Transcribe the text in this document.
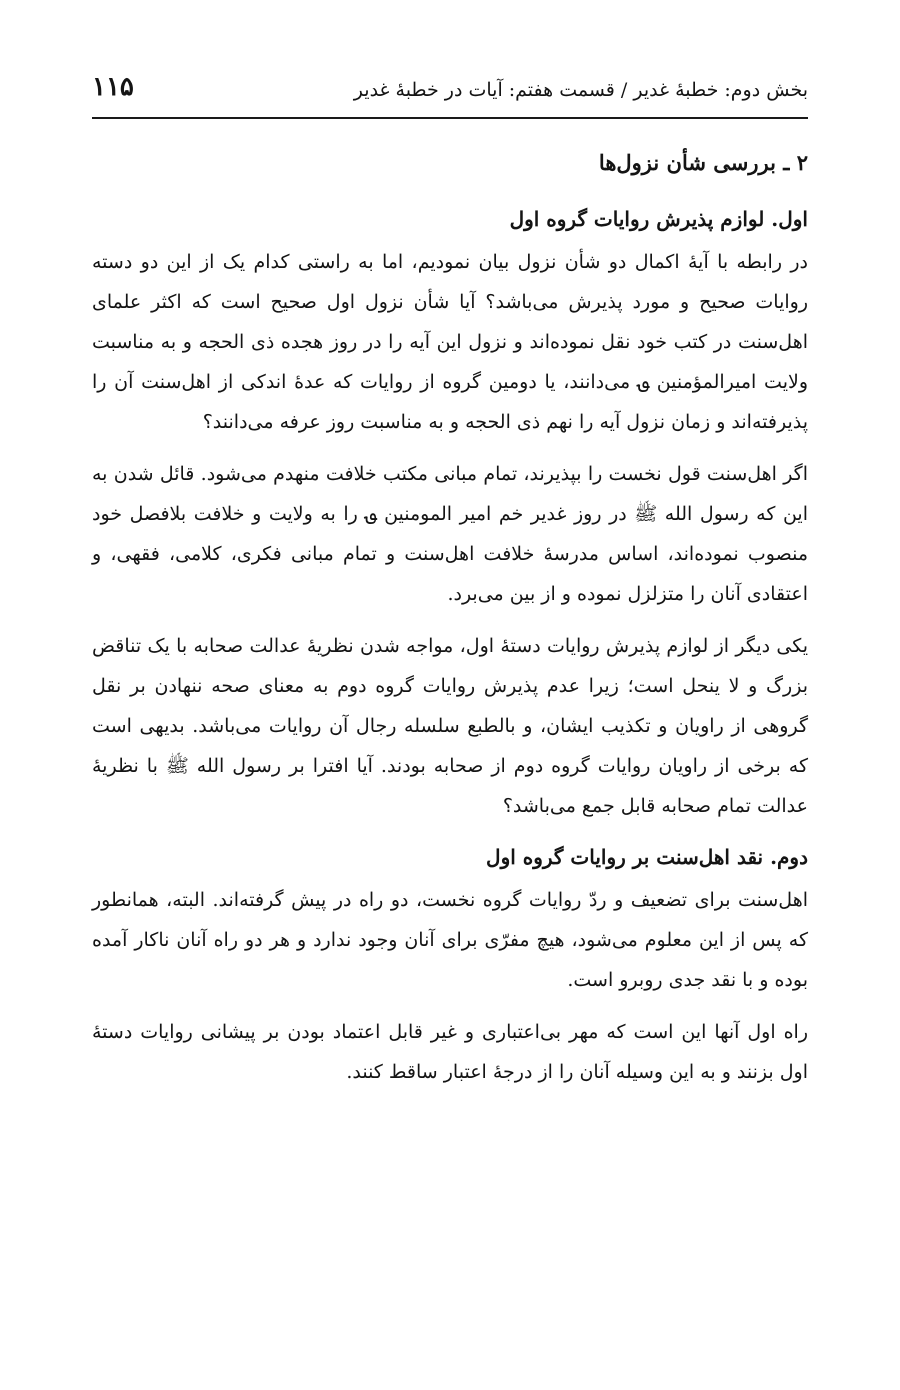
بخش دوم: خطبهٔ غدیر / قسمت هفتم: آیات در خطبهٔ غدیر
۱۱۵
۲ ـ بررسی شأن نزول‌ها
اول. لوازم پذیرش روایات گروه اول

در رابطه با آیهٔ اکمال دو شأن نزول بیان نمودیم، اما به راستی کدام یک از این دو دسته روایات صحیح و مورد پذیرش می‌باشد؟ آیا شأن نزول اول صحیح است که اکثر علمای اهل‌سنت در کتب خود نقل نموده‌اند و نزول این آیه را در روز هجده ذی الحجه و به مناسبت ولایت امیرالمؤمنین ؈ می‌دانند، یا دومین گروه از روایات که عدهٔ اندکی از اهل‌سنت آن را پذیرفته‌اند و زمان نزول آیه را نهم ذی الحجه و به مناسبت روز عرفه می‌دانند؟

اگر اهل‌سنت قول نخست را بپذیرند، تمام مبانی مکتب خلافت منهدم می‌شود. قائل شدن به این که رسول الله ﷺ در روز غدیر خم امیر المومنین ؈ را به ولایت و خلافت بلافصل خود منصوب نموده‌اند، اساس مدرسهٔ خلافت اهل‌سنت و تمام مبانی فکری، کلامی، فقهی، و اعتقادی آنان را متزلزل نموده و از بین می‌برد.

یکی دیگر از لوازم پذیرش روایات دستهٔ اول، مواجه شدن نظریهٔ عدالت صحابه با یک تناقض بزرگ و لا ینحل است؛ زیرا عدم پذیرش روایات گروه دوم به معنای صحه ننهادن بر نقل گروهی از راویان و تکذیب ایشان، و بالطبع سلسله رجال آن روایات می‌باشد. بدیهی است که برخی از راویان روایات گروه دوم از صحابه بودند. آیا افترا بر رسول الله ﷺ با نظریهٔ عدالت تمام صحابه قابل جمع می‌باشد؟

دوم. نقد اهل‌سنت بر روایات گروه اول

اهل‌سنت برای تضعیف و ردّ روایات گروه نخست، دو راه در پیش گرفته‌اند. البته، همانطور که پس از این معلوم می‌شود، هیچ مفرّی برای آنان وجود ندارد و هر دو راه آنان ناکار آمده بوده و با نقد جدی روبرو است.

راه اول آنها این است که مهر بی‌اعتباری و غیر قابل اعتماد بودن بر پیشانی روایات دستهٔ اول بزنند و به این وسیله آنان را از درجهٔ اعتبار ساقط کنند.
